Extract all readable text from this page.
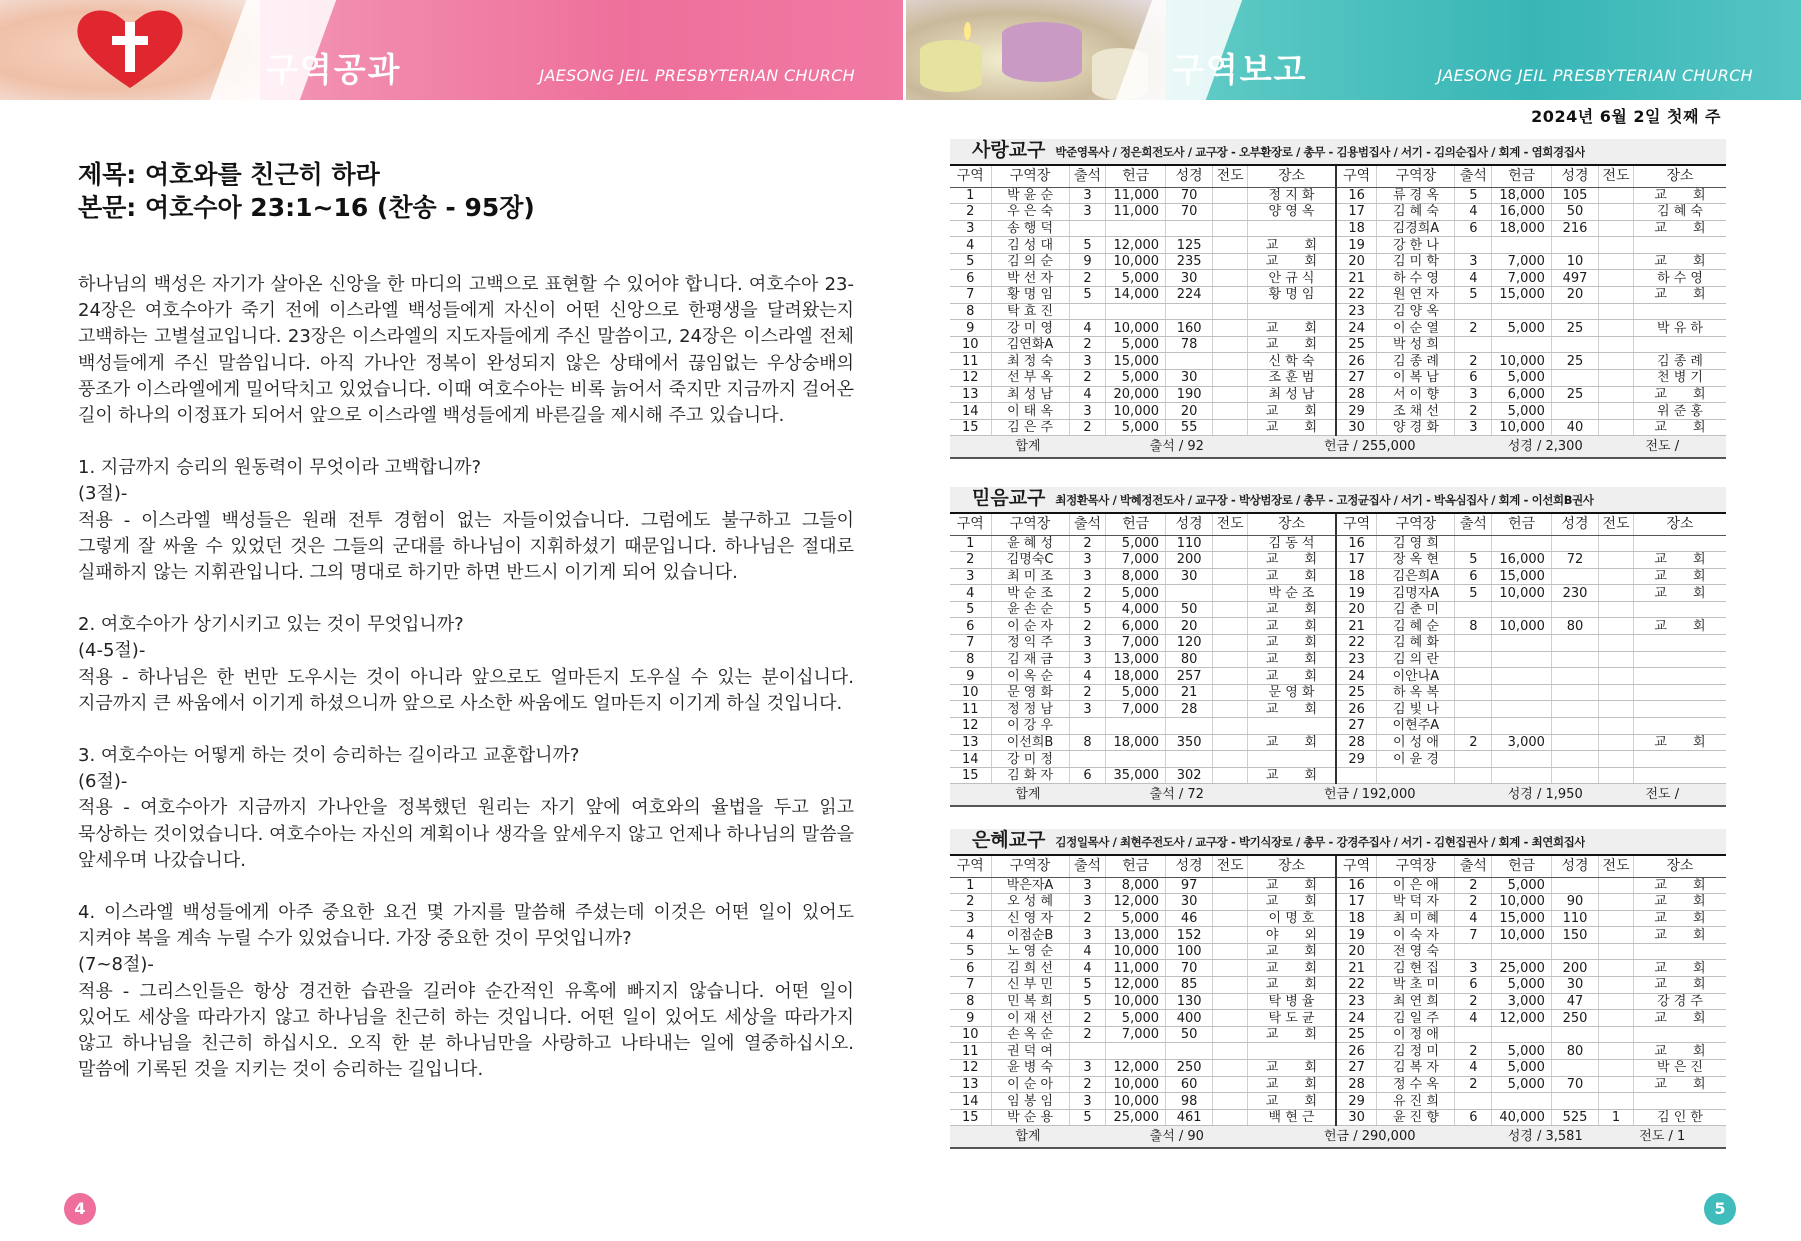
구역공과	JAESONG JEIL PRESBYTERIAN CHURCH	구역보고	JAESONG JEIL PRESBYTERIAN CHURCH
제목: 여호와를 친근히 하라
본문: 여호수아 23:1~16 (찬송 - 95장)

하나님의 백성은 자기가 살아온 신앙을 한 마디의 고백으로 표현할 수 있어야 합니다. 여호수아 23-24장은 여호수아가 죽기 전에 이스라엘 백성들에게 자신이 어떤 신앙으로 한평생을 달려왔는지 고백하는 고별설교입니다. 23장은 이스라엘의 지도자들에게 주신 말씀이고, 24장은 이스라엘 전체 백성들에게 주신 말씀입니다. 아직 가나안 정복이 완성되지 않은 상태에서 끊임없는 우상숭배의 풍조가 이스라엘에게 밀어닥치고 있었습니다. 이때 여호수아는 비록 늙어서 죽지만 지금까지 걸어온 길이 하나의 이정표가 되어서 앞으로 이스라엘 백성들에게 바른길을 제시해 주고 있습니다.

1. 지금까지 승리의 원동력이 무엇이라 고백합니까?

(3절)-

적용 - 이스라엘 백성들은 원래 전투 경험이 없는 자들이었습니다. 그럼에도 불구하고 그들이 그렇게 잘 싸울 수 있었던 것은 그들의 군대를 하나님이 지휘하셨기 때문입니다. 하나님은 절대로 실패하지 않는 지휘관입니다. 그의 명대로 하기만 하면 반드시 이기게 되어 있습니다.

2. 여호수아가 상기시키고 있는 것이 무엇입니까?

(4-5절)-

적용 - 하나님은 한 번만 도우시는 것이 아니라 앞으로도 얼마든지 도우실 수 있는 분이십니다. 지금까지 큰 싸움에서 이기게 하셨으니까 앞으로 사소한 싸움에도 얼마든지 이기게 하실 것입니다.

3. 여호수아는 어떻게 하는 것이 승리하는 길이라고 교훈합니까?

(6절)-

적용 - 여호수아가 지금까지 가나안을 정복했던 원리는 자기 앞에 여호와의 율법을 두고 읽고 묵상하는 것이었습니다. 여호수아는 자신의 계획이나 생각을 앞세우지 않고 언제나 하나님의 말씀을 앞세우며 나갔습니다.

4. 이스라엘 백성들에게 아주 중요한 요건 몇 가지를 말씀해 주셨는데 이것은 어떤 일이 있어도 지켜야 복을 계속 누릴 수가 있었습니다. 가장 중요한 것이 무엇입니까?

(7~8절)-

적용 - 그리스인들은 항상 경건한 습관을 길러야 순간적인 유혹에 빠지지 않습니다. 어떤 일이 있어도 세상을 따라가지 않고 하나님을 친근히 하는 것입니다. 어떤 일이 있어도 세상을 따라가지 않고 하나님을 친근히 하십시오. 오직 한 분 하나님만을 사랑하고 나타내는 일에 열중하십시오. 말씀에 기록된 것을 지키는 것이 승리하는 길입니다.

4	5
2024년 6월 2일 첫째 주
사랑교구 박준영목사 / 정은희전도사 / 교구장 - 오부환장로 / 총무 - 김용범집사 / 서기 - 김의순집사 / 회계 - 염희경집사
구역	구역장	출석	헌금	성경	전도	장소	구역	구역장	출석	헌금	성경	전도	장소
1	박 윤 순	3	11,000	70		정 지 화	16	류 경 옥	5	18,000	105		교　　회
2	우 은 숙	3	11,000	70		양 영 옥	17	김 혜 숙	4	16,000	50		김 혜 숙
3	송 행 덕						18	김경희A	6	18,000	216		교　　회
4	김 성 대	5	12,000	125		교　　회	19	강 한 나					
5	김 의 순	9	10,000	235		교　　회	20	김 미 학	3	7,000	10		교　　회
6	박 선 자	2	5,000	30		안 규 식	21	하 수 영	4	7,000	497		하 수 영
7	황 명 임	5	14,000	224		황 명 임	22	원 연 자	5	15,000	20		교　　회
8	탁 효 진						23	김 양 옥					
9	강 미 영	4	10,000	160		교　　회	24	이 순 열	2	5,000	25		박 유 하
10	김연화A	2	5,000	78		교　　회	25	박 성 희					
11	최 정 숙	3	15,000			신 학 숙	26	김 종 례	2	10,000	25		김 종 례
12	선 부 옥	2	5,000	30		조 훈 범	27	이 복 남	6	5,000			천 병 기
13	최 성 남	4	20,000	190		최 성 남	28	서 이 향	3	6,000	25		교　　회
14	이 태 옥	3	10,000	20		교　　회	29	조 채 선	2	5,000			위 준 홍
15	김 은 주	2	5,000	55		교　　회	30	양 경 화	3	10,000	40		교　　회
합계			출석 / 92			헌금 / 255,000				성경 / 2,300		전도 /	
믿음교구 최정환목사 / 박혜정전도사 / 교구장 - 박상범장로 / 총무 - 고정균집사 / 서기 - 박옥심집사 / 회계 - 이선희B권사
구역	구역장	출석	헌금	성경	전도	장소	구역	구역장	출석	헌금	성경	전도	장소
1	윤 혜 성	2	5,000	110		김 동 석	16	김 영 희					
2	김명숙C	3	7,000	200		교　　회	17	장 옥 현	5	16,000	72		교　　회
3	최 미 조	3	8,000	30		교　　회	18	김은희A	6	15,000			교　　회
4	박 순 조	2	5,000			박 순 조	19	김명자A	5	10,000	230		교　　회
5	윤 손 순	5	4,000	50		교　　회	20	김 춘 미					
6	이 순 자	2	6,000	20		교　　회	21	김 혜 순	8	10,000	80		교　　회
7	정 익 주	3	7,000	120		교　　회	22	김 혜 화					
8	김 재 금	3	13,000	80		교　　회	23	김 의 란					
9	이 옥 순	4	18,000	257		교　　회	24	이안나A					
10	문 영 화	2	5,000	21		문 영 화	25	하 옥 복					
11	정 정 남	3	7,000	28		교　　회	26	김 빛 나					
12	이 강 우						27	이현주A					
13	이선희B	8	18,000	350		교　　회	28	이 성 애	2	3,000			교　　회
14	강 미 정						29	이 윤 경					
15	김 화 자	6	35,000	302		교　　회							
합계			출석 / 72			헌금 / 192,000				성경 / 1,950		전도 /	
은혜교구 김정일목사 / 최현주전도사 / 교구장 - 박기식장로 / 총무 - 강경주집사 / 서기 - 김현집권사 / 회계 - 최연희집사
구역	구역장	출석	헌금	성경	전도	장소	구역	구역장	출석	헌금	성경	전도	장소
1	박은자A	3	8,000	97		교　　회	16	이 은 애	2	5,000			교　　회
2	오 성 혜	3	12,000	30		교　　회	17	박 덕 자	2	10,000	90		교　　회
3	신 영 자	2	5,000	46		이 명 호	18	최 미 혜	4	15,000	110		교　　회
4	이점순B	3	13,000	152		야　　외	19	이 숙 자	7	10,000	150		교　　회
5	노 영 순	4	10,000	100		교　　회	20	전 영 숙					
6	김 희 선	4	11,000	70		교　　회	21	김 현 집	3	25,000	200		교　　회
7	신 부 민	5	12,000	85		교　　회	22	박 초 미	6	5,000	30		교　　회
8	민 복 희	5	10,000	130		탁 병 율	23	최 연 희	2	3,000	47		강 경 주
9	이 재 선	2	5,000	400		탁 도 균	24	김 일 주	4	12,000	250		교　　회
10	손 옥 순	2	7,000	50		교　　회	25	이 정 애					
11	권 덕 여						26	김 정 미	2	5,000	80		교　　회
12	윤 병 숙	3	12,000	250		교　　회	27	김 복 자	4	5,000			박 은 진
13	이 순 아	2	10,000	60		교　　회	28	정 수 옥	2	5,000	70		교　　회
14	임 봉 임	3	10,000	98		교　　회	29	유 진 희					
15	박 순 용	5	25,000	461		백 현 근	30	윤 진 향	6	40,000	525	1	김 인 한
합계			출석 / 90			헌금 / 290,000				성경 / 3,581		전도 / 1	
